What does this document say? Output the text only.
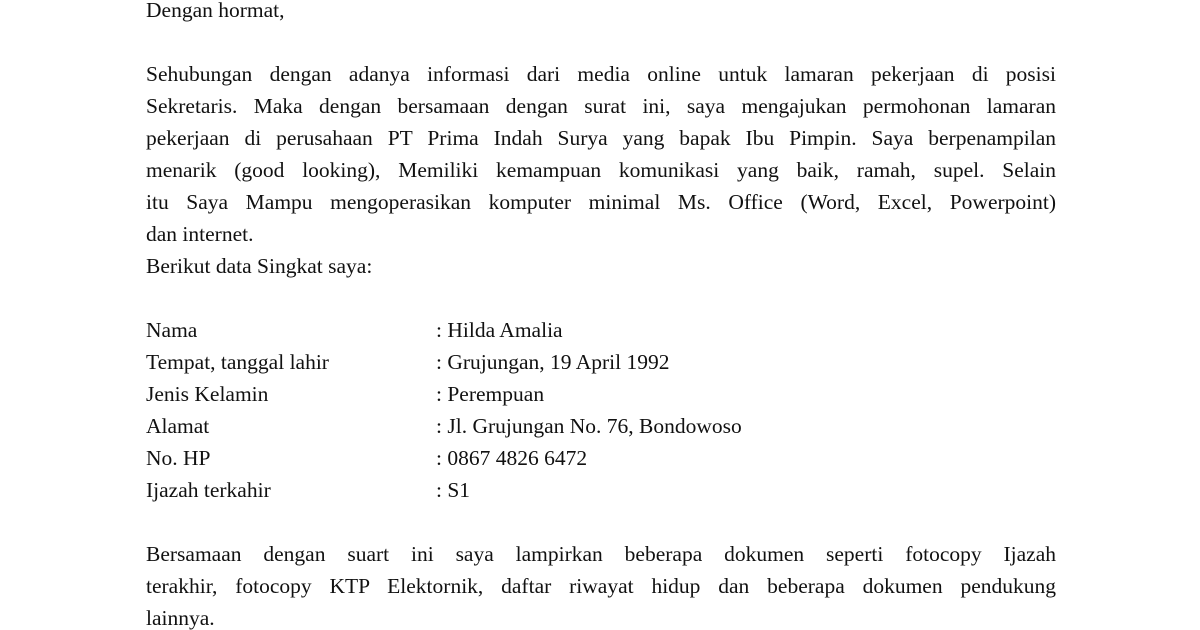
Dengan hormat,
Sehubungan dengan adanya informasi dari media online untuk lamaran pekerjaan di posisi
Sekretaris. Maka dengan bersamaan dengan surat ini, saya mengajukan permohonan lamaran
pekerjaan di perusahaan PT Prima Indah Surya yang bapak Ibu Pimpin. Saya berpenampilan
menarik (good looking), Memiliki kemampuan komunikasi yang baik, ramah, supel. Selain
itu Saya Mampu mengoperasikan komputer minimal Ms. Office (Word, Excel, Powerpoint)
dan internet.
Berikut data Singkat saya:
Nama	: Hilda Amalia
Tempat, tanggal lahir	: Grujungan, 19 April 1992
Jenis Kelamin	: Perempuan
Alamat	: Jl. Grujungan No. 76, Bondowoso
No. HP	: 0867 4826 6472
Ijazah terkahir	: S1
Bersamaan dengan suart ini saya lampirkan beberapa dokumen seperti fotocopy Ijazah
terakhir, fotocopy KTP Elektornik, daftar riwayat hidup dan beberapa dokumen pendukung
lainnya.
